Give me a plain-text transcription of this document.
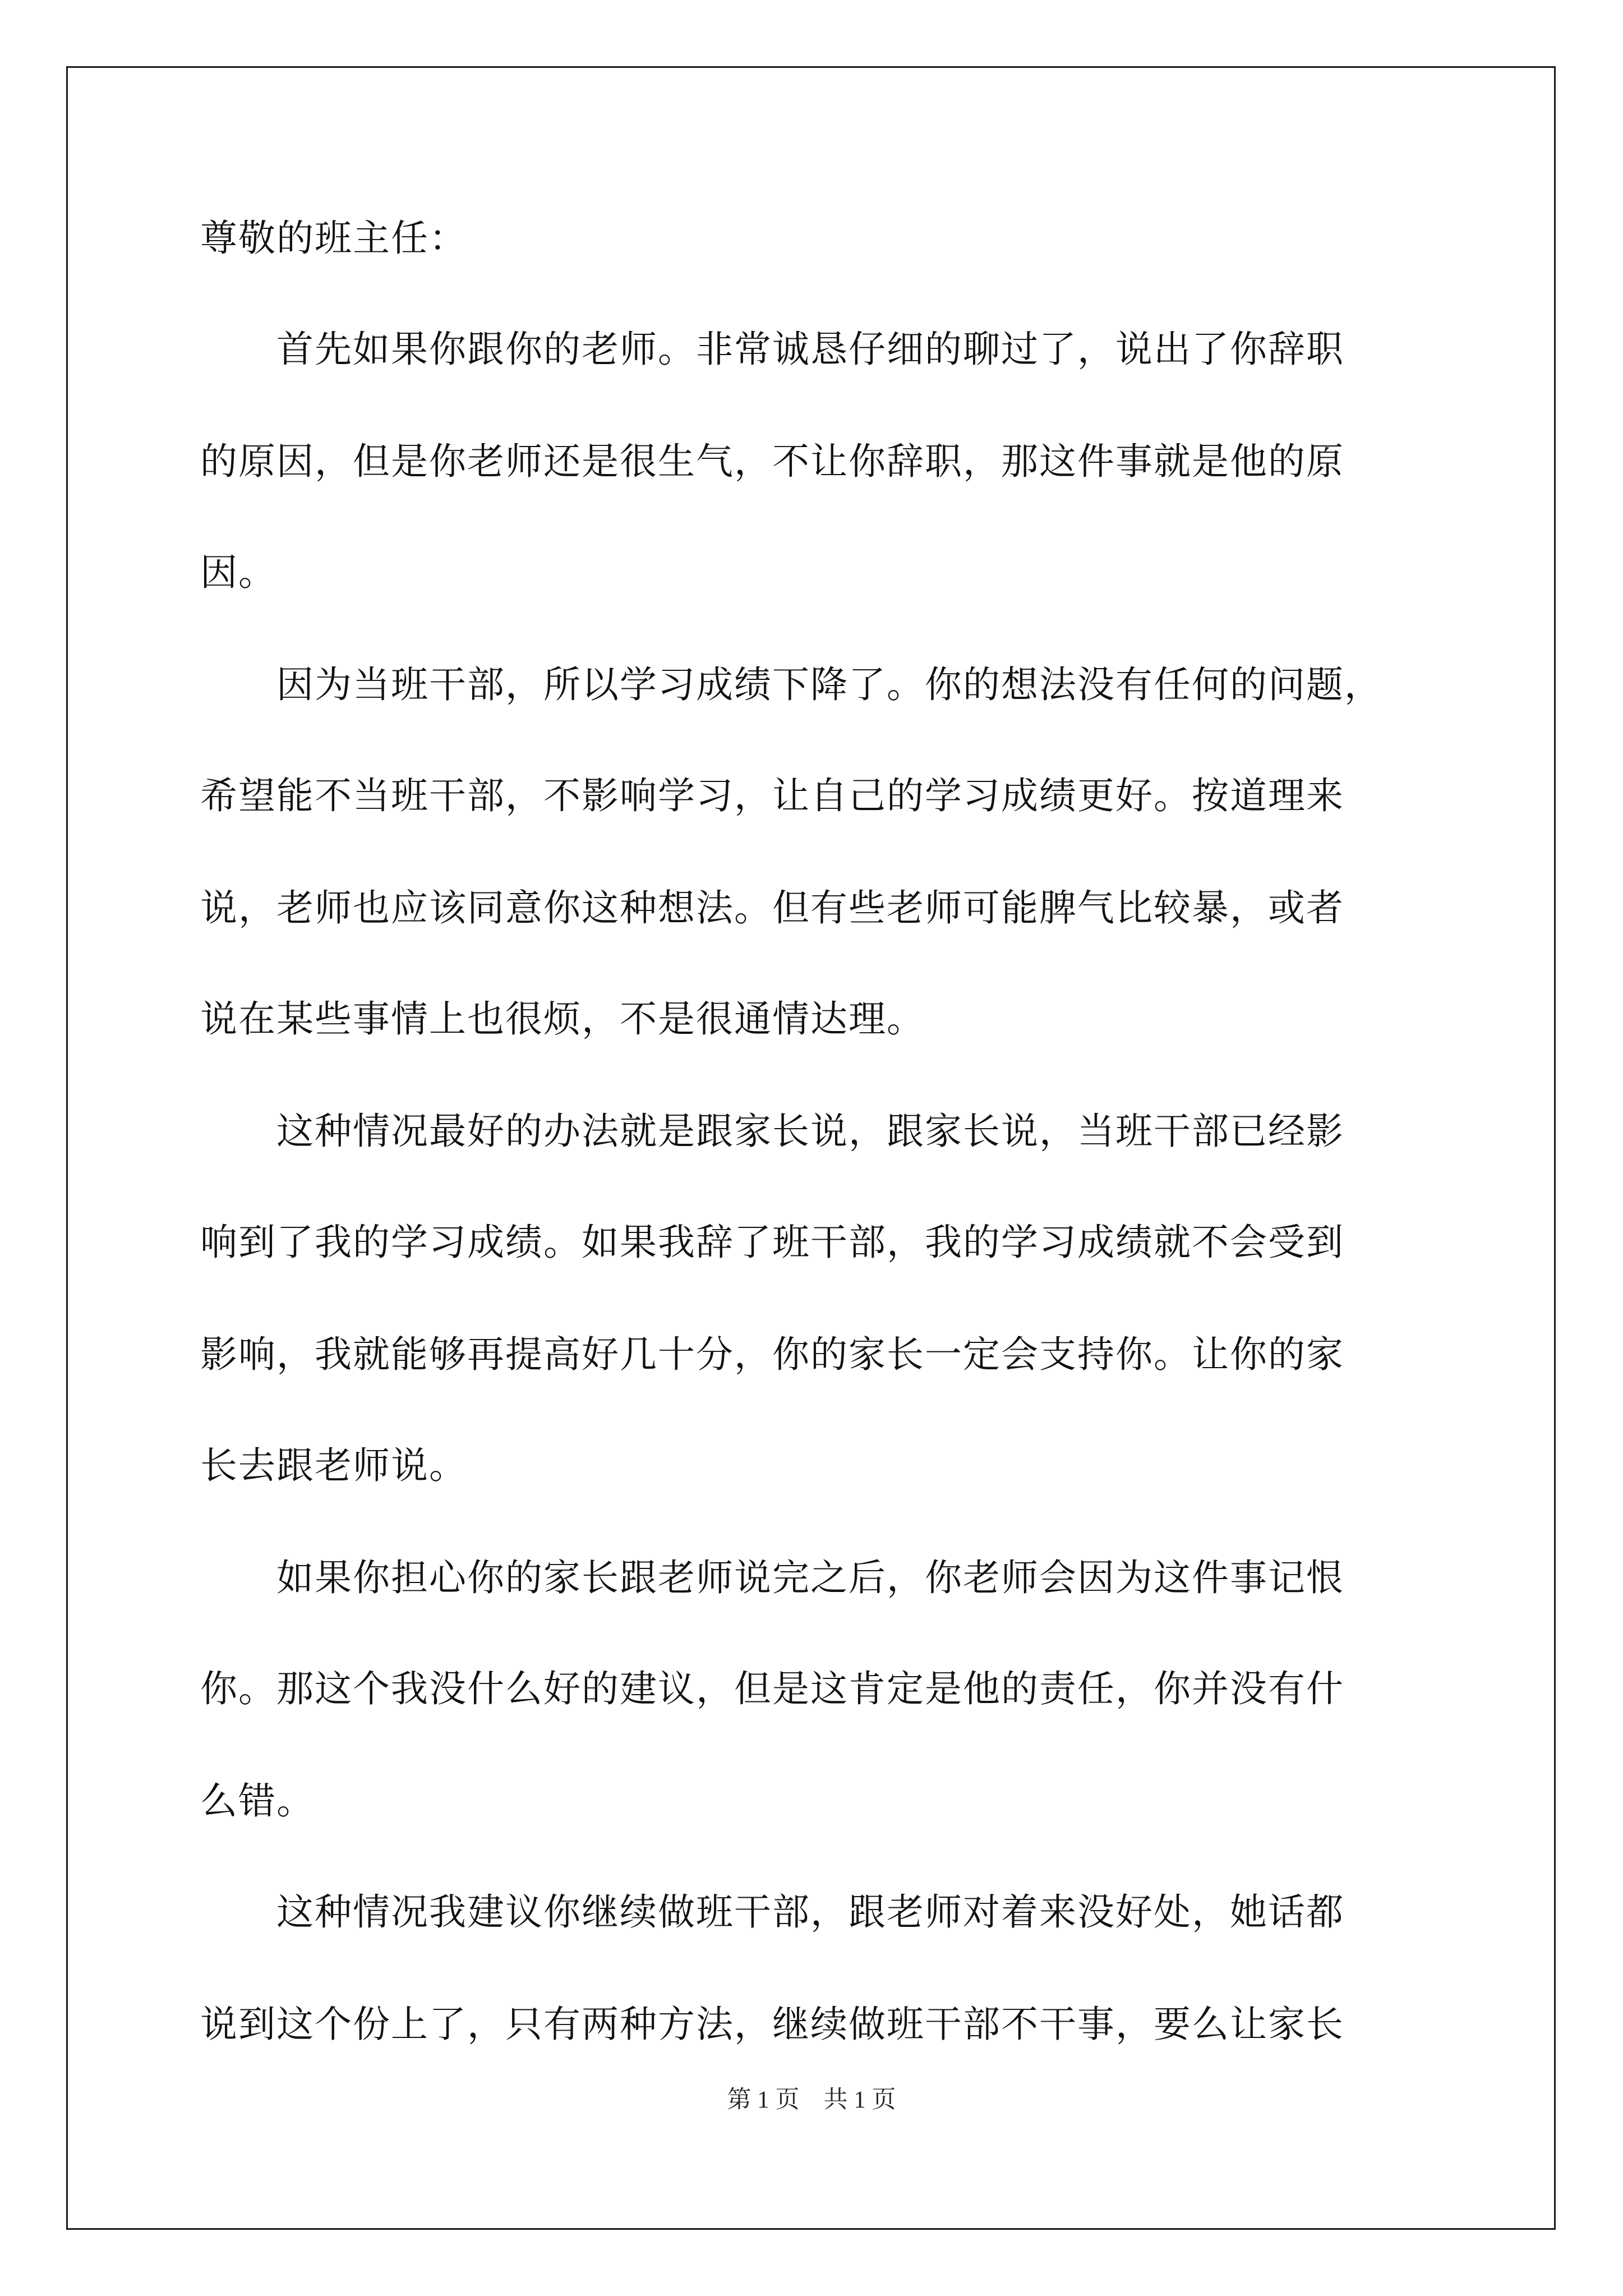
尊敬的班主任：

　　首先如果你跟你的老师。非常诚恳仔细的聊过了，说出了你辞职

的原因，但是你老师还是很生气，不让你辞职，那这件事就是他的原

因。

　　因为当班干部，所以学习成绩下降了。你的想法没有任何的问题，

希望能不当班干部，不影响学习，让自己的学习成绩更好。按道理来

说，老师也应该同意你这种想法。但有些老师可能脾气比较暴，或者

说在某些事情上也很烦，不是很通情达理。

　　这种情况最好的办法就是跟家长说，跟家长说，当班干部已经影

响到了我的学习成绩。如果我辞了班干部，我的学习成绩就不会受到

影响，我就能够再提高好几十分，你的家长一定会支持你。让你的家

长去跟老师说。

　　如果你担心你的家长跟老师说完之后，你老师会因为这件事记恨

你。那这个我没什么好的建议，但是这肯定是他的责任，你并没有什

么错。

　　这种情况我建议你继续做班干部，跟老师对着来没好处，她话都

说到这个份上了，只有两种方法，继续做班干部不干事，要么让家长

第 1 页　共 1 页
